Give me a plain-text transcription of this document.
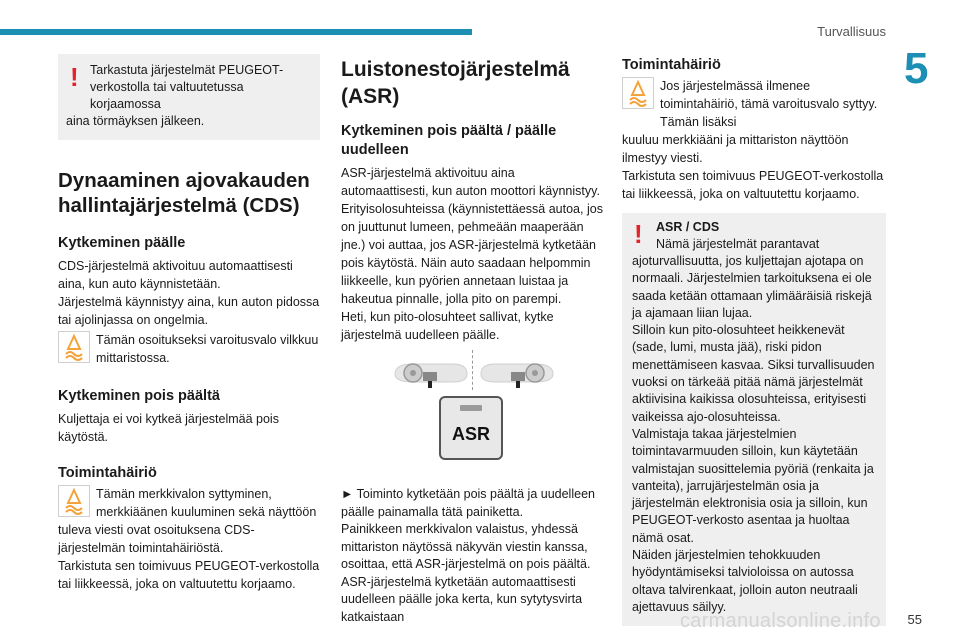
Turvallisuus
5
! Tarkastuta järjestelmät PEUGEOT-
verkostolla tai valtuutetussa korjaamossa
aina törmäyksen jälkeen.
Dynaaminen ajovakauden
hallintajärjestelmä (CDS)
Kytkeminen päälle

CDS-järjestelmä aktivoituu automaattisesti aina, kun auto käynnistetään.
Järjestelmä käynnistyy aina, kun auton pidossa tai ajolinjassa on ongelmia.

Tämän osoitukseksi varoitusvalo vilkkuu mittaristossa.

Kytkeminen pois päältä

Kuljettaja ei voi kytkeä järjestelmää pois käytöstä.

Toimintahäiriö

Tämän merkkivalon syttyminen, merkkiäänen kuuluminen sekä näyttöön

tuleva viesti ovat osoituksena CDS-järjestelmän toimintahäiriöstä.
Tarkistuta sen toimivuus PEUGEOT-verkostolla tai liikkeessä, joka on valtuutettu korjaamo.

Luistonestojärjestelmä
(ASR)
Kytkeminen pois päältä / päälle
uudelleen

ASR-järjestelmä aktivoituu aina automaattisesti, kun auton moottori käynnistyy.
Erityisolosuhteissa (käynnistettäessä autoa, jos on juuttunut lumeen, pehmeään maaperään jne.) voi auttaa, jos ASR-järjestelmä kytketään pois käytöstä. Näin auto saadaan helpommin liikkeelle, kun pyörien annetaan luistaa ja hakeutua pinnalle, jolla pito on parempi.
Heti, kun pito-olosuhteet sallivat, kytke järjestelmä uudelleen päälle.

ASR

► Toiminto kytketään pois päältä ja uudelleen päälle painamalla tätä painiketta.
Painikkeen merkkivalon valaistus, yhdessä mittariston näytössä näkyvän viestin kanssa, osoittaa, että ASR-järjestelmä on pois päältä.
ASR-järjestelmä kytketään automaattisesti uudelleen päälle joka kerta, kun sytytysvirta katkaistaan

Toimintahäiriö

Jos järjestelmässä ilmenee toimintahäiriö, tämä varoitusvalo syttyy. Tämän lisäksi

kuuluu merkkiääni ja mittariston näyttöön ilmestyy viesti.
Tarkistuta sen toimivuus PEUGEOT-verkostolla tai liikkeessä, joka on valtuutettu korjaamo.

!	ASR / CDS
Nämä järjestelmät parantavat

ajoturvallisuutta, jos kuljettajan ajotapa on normaali. Järjestelmien tarkoituksena ei ole saada ketään ottamaan ylimääräisiä riskejä ja ajamaan liian lujaa.
Silloin kun pito-olosuhteet heikkenevät (sade, lumi, musta jää), riski pidon menettämiseen kasvaa. Siksi turvallisuuden vuoksi on tärkeää pitää nämä järjestelmät aktiivisina kaikissa olosuhteissa, erityisesti vaikeissa ajo-olosuhteissa.
Valmistaja takaa järjestelmien toimintavarmuuden silloin, kun käytetään valmistajan suosittelemia pyöriä (renkaita ja vanteita), jarrujärjestelmän osia ja järjestelmän elektronisia osia ja silloin, kun PEUGEOT-verkosto asentaa ja huoltaa nämä osat.
Näiden järjestelmien tehokkuuden hyödyntämiseksi talvioloissa on autossa oltava talvirenkaat, jolloin auton neutraali ajettavuus säilyy.

carmanualsonline.info 55
